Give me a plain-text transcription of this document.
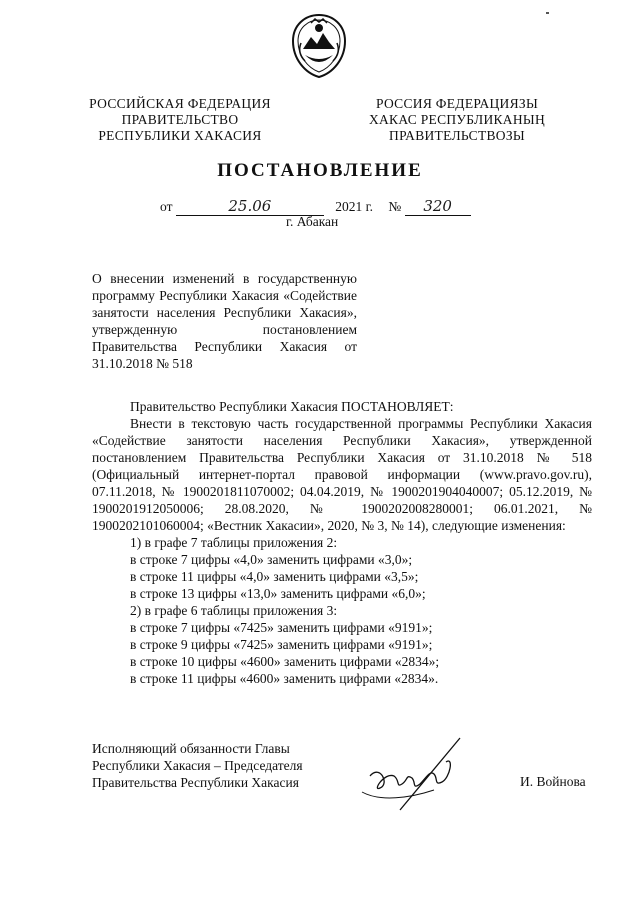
РОССИЙСКАЯ ФЕДЕРАЦИЯ
ПРАВИТЕЛЬСТВО
РЕСПУБЛИКИ ХАКАСИЯ
РОССИЯ ФЕДЕРАЦИЯЗЫ
ХАКАС РЕСПУБЛИКАНЫҢ
ПРАВИТЕЛЬСТВОЗЫ
ПОСТАНОВЛЕНИЕ
от	25.06	2021 г. № 320
г. Абакан
О внесении изменений в государственную программу Республики Хакасия «Содействие занятости населения Республики Хакасия», утвержденную постановлением Правительства Республики Хакасия от 31.10.2018 № 518

Правительство Республики Хакасия ПОСТАНОВЛЯЕТ:

Внести в текстовую часть государственной программы Республики Хакасия «Содействие занятости населения Республики Хакасия», утвержденной постановлением Правительства Республики Хакасия от 31.10.2018 № 518 (Официальный интернет-портал правовой информации (www.pravo.gov.ru), 07.11.2018, № 1900201811070002; 04.04.2019, № 1900201904040007; 05.12.2019, № 1900201912050006; 28.08.2020, № 1900202008280001; 06.01.2021, № 1900202101060004; «Вестник Хакасии», 2020, № 3, № 14), следующие изменения:

1) в графе 7 таблицы приложения 2:

в строке 7 цифры «4,0» заменить цифрами «3,0»;

в строке 11 цифры «4,0» заменить цифрами «3,5»;

в строке 13 цифры «13,0» заменить цифрами «6,0»;

2) в графе 6 таблицы приложения 3:

в строке 7 цифры «7425» заменить цифрами «9191»;

в строке 9 цифры «7425» заменить цифрами «9191»;

в строке 10 цифры «4600» заменить цифрами «2834»;

в строке 11 цифры «4600» заменить цифрами «2834».

Исполняющий обязанности Главы
Республики Хакасия – Председателя
Правительства Республики Хакасия	И. Войнова
